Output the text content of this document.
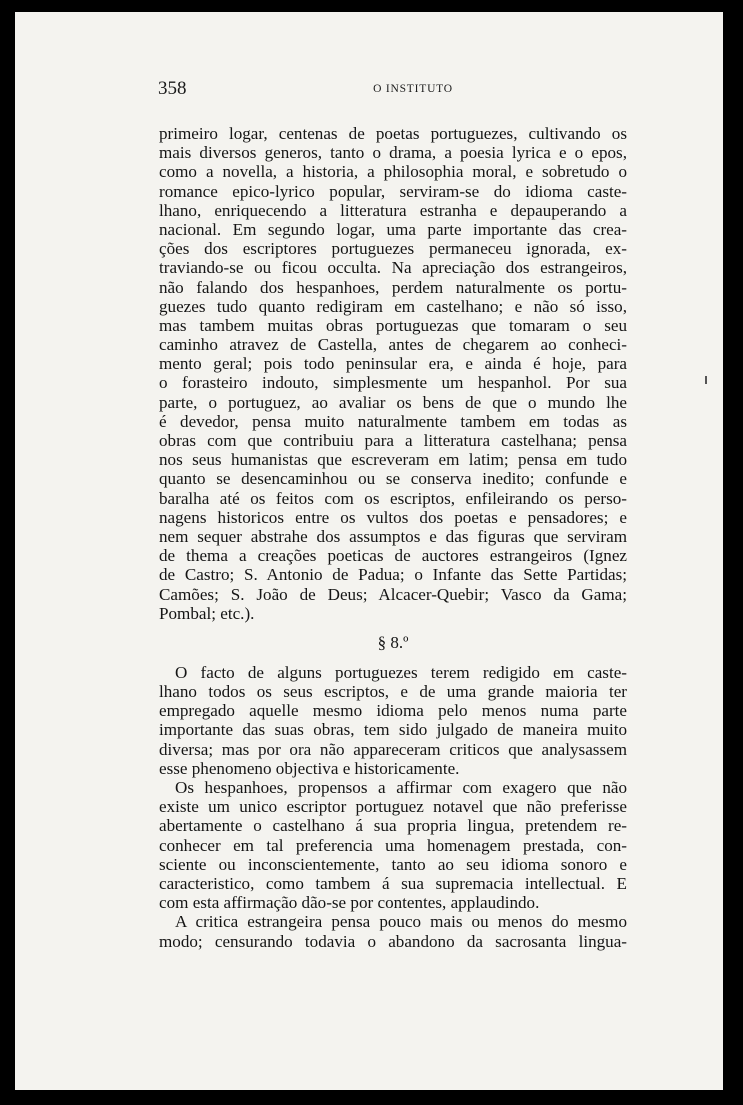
358	O INSTITUTO
primeiro logar, centenas de poetas portuguezes, cultivando os
mais diversos generos, tanto o drama, a poesia lyrica e o epos,
como a novella, a historia, a philosophia moral, e sobretudo o
romance epico-lyrico popular, serviram-se do idioma caste-
lhano, enriquecendo a litteratura estranha e depauperando a
nacional. Em segundo logar, uma parte importante das crea-
ções dos escriptores portuguezes permaneceu ignorada, ex-
traviando-se ou ficou occulta. Na apreciação dos estrangeiros,
não falando dos hespanhoes, perdem naturalmente os portu-
guezes tudo quanto redigiram em castelhano; e não só isso,
mas tambem muitas obras portuguezas que tomaram o seu
caminho atravez de Castella, antes de chegarem ao conheci-
mento geral; pois todo peninsular era, e ainda é hoje, para
o forasteiro indouto, simplesmente um hespanhol. Por sua
parte, o portuguez, ao avaliar os bens de que o mundo lhe
é devedor, pensa muito naturalmente tambem em todas as
obras com que contribuiu para a litteratura castelhana; pensa
nos seus humanistas que escreveram em latim; pensa em tudo
quanto se desencaminhou ou se conserva inedito; confunde e
baralha até os feitos com os escriptos, enfileirando os perso-
nagens historicos entre os vultos dos poetas e pensadores; e
nem sequer abstrahe dos assumptos e das figuras que serviram
de thema a creações poeticas de auctores estrangeiros (Ignez
de Castro; S. Antonio de Padua; o Infante das Sette Partidas;
Camões; S. João de Deus; Alcacer-Quebir; Vasco da Gama;
Pombal; etc.).
§ 8.º
O facto de alguns portuguezes terem redigido em caste-
lhano todos os seus escriptos, e de uma grande maioria ter
empregado aquelle mesmo idioma pelo menos numa parte
importante das suas obras, tem sido julgado de maneira muito
diversa; mas por ora não appareceram criticos que analysassem
esse phenomeno objectiva e historicamente.
Os hespanhoes, propensos a affirmar com exagero que não
existe um unico escriptor portuguez notavel que não preferisse
abertamente o castelhano á sua propria lingua, pretendem re-
conhecer em tal preferencia uma homenagem prestada, con-
sciente ou inconscientemente, tanto ao seu idioma sonoro e
caracteristico, como tambem á sua supremacia intellectual. E
com esta affirmação dão-se por contentes, applaudindo.
A critica estrangeira pensa pouco mais ou menos do mesmo
modo; censurando todavia o abandono da sacrosanta lingua-
